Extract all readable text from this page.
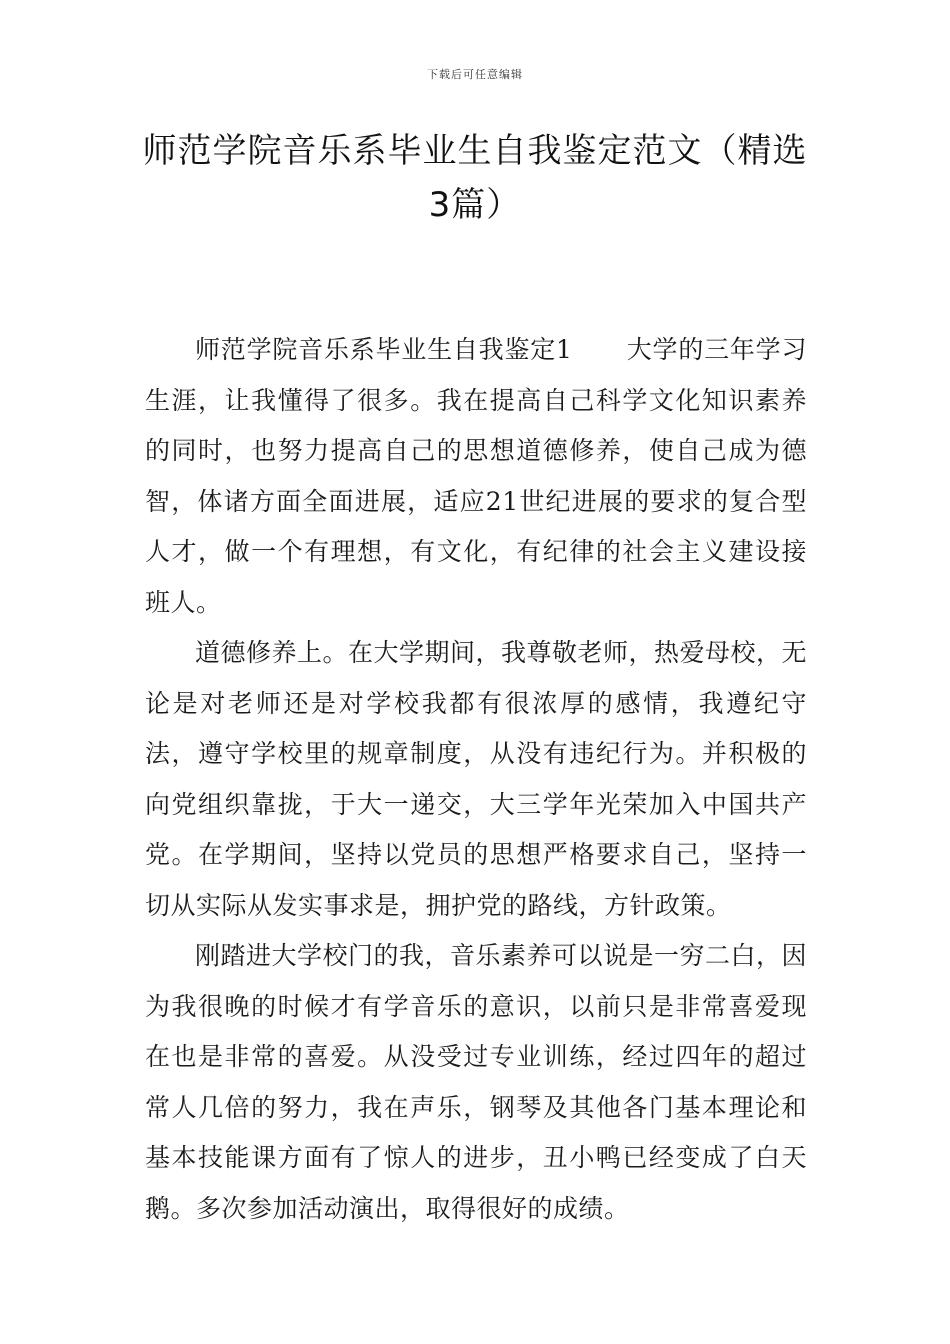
下载后可任意编辑
师范学院音乐系毕业生自我鉴定范文（精选3篇）

师范学院音乐系毕业生自我鉴定1 大学的三年学习生涯，让我懂得了很多。我在提高自己科学文化知识素养的同时，也努力提高自己的思想道德修养，使自己成为德智，体诸方面全面进展，适应21世纪进展的要求的复合型人才，做一个有理想，有文化，有纪律的社会主义建设接班人。

道德修养上。在大学期间，我尊敬老师，热爱母校，无论是对老师还是对学校我都有很浓厚的感情，我遵纪守法，遵守学校里的规章制度，从没有违纪行为。并积极的向党组织靠拢，于大一递交，大三学年光荣加入中国共产党。在学期间，坚持以党员的思想严格要求自己，坚持一切从实际从发实事求是，拥护党的路线，方针政策。

刚踏进大学校门的我，音乐素养可以说是一穷二白，因为我很晚的时候才有学音乐的意识，以前只是非常喜爱现在也是非常的喜爱。从没受过专业训练，经过四年的超过常人几倍的努力，我在声乐，钢琴及其他各门基本理论和基本技能课方面有了惊人的进步，丑小鸭已经变成了白天鹅。多次参加活动演出，取得很好的成绩。
